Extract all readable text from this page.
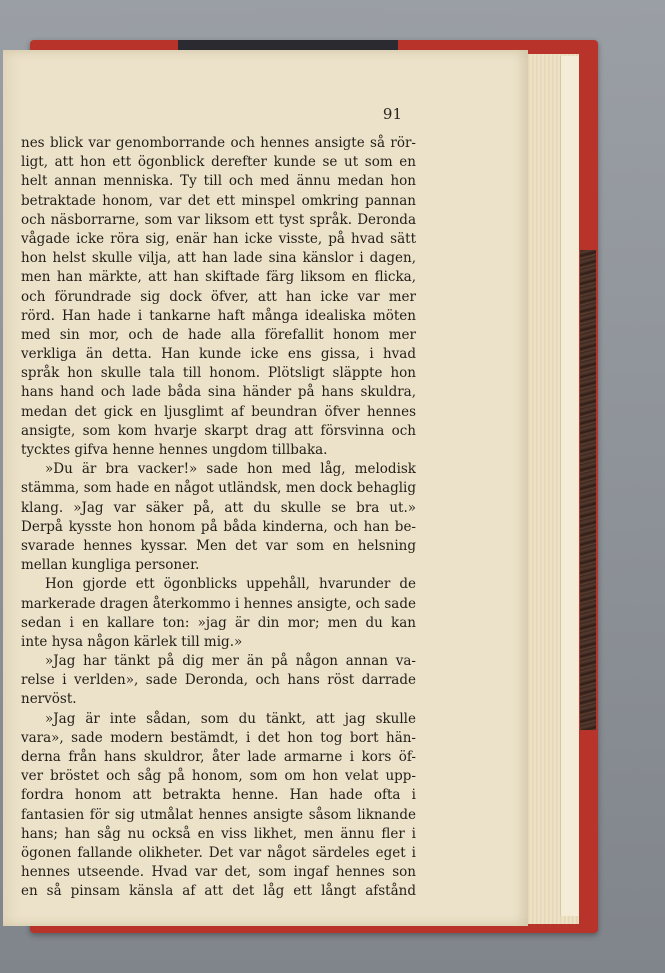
91
nes blick var genomborrande och hennes ansigte så rör-
ligt, att hon ett ögonblick derefter kunde se ut som en
helt annan menniska. Ty till och med ännu medan hon
betraktade honom, var det ett minspel omkring pannan
och näsborrarne, som var liksom ett tyst språk. Deronda
vågade icke röra sig, enär han icke visste, på hvad sätt
hon helst skulle vilja, att han lade sina känslor i dagen,
men han märkte, att han skiftade färg liksom en flicka,
och förundrade sig dock öfver, att han icke var mer
rörd. Han hade i tankarne haft många idealiska möten
med sin mor, och de hade alla förefallit honom mer
verkliga än detta. Han kunde icke ens gissa, i hvad
språk hon skulle tala till honom. Plötsligt släppte hon
hans hand och lade båda sina händer på hans skuldra,
medan det gick en ljusglimt af beundran öfver hennes
ansigte, som kom hvarje skarpt drag att försvinna och
tycktes gifva henne hennes ungdom tillbaka.
»Du är bra vacker!» sade hon med låg, melodisk
stämma, som hade en något utländsk, men dock behaglig
klang. »Jag var säker på, att du skulle se bra ut.»
Derpå kysste hon honom på båda kinderna, och han be-
svarade hennes kyssar. Men det var som en helsning
mellan kungliga personer.
Hon gjorde ett ögonblicks uppehåll, hvarunder de
markerade dragen återkommo i hennes ansigte, och sade
sedan i en kallare ton: »jag är din mor; men du kan
inte hysa någon kärlek till mig.»
»Jag har tänkt på dig mer än på någon annan va-
relse i verlden», sade Deronda, och hans röst darrade
nervöst.
»Jag är inte sådan, som du tänkt, att jag skulle
vara», sade modern bestämdt, i det hon tog bort hän-
derna från hans skuldror, åter lade armarne i kors öf-
ver bröstet och såg på honom, som om hon velat upp-
fordra honom att betrakta henne. Han hade ofta i
fantasien för sig utmålat hennes ansigte såsom liknande
hans; han såg nu också en viss likhet, men ännu fler i
ögonen fallande olikheter. Det var något särdeles eget i
hennes utseende. Hvad var det, som ingaf hennes son
en så pinsam känsla af att det låg ett långt afstånd
